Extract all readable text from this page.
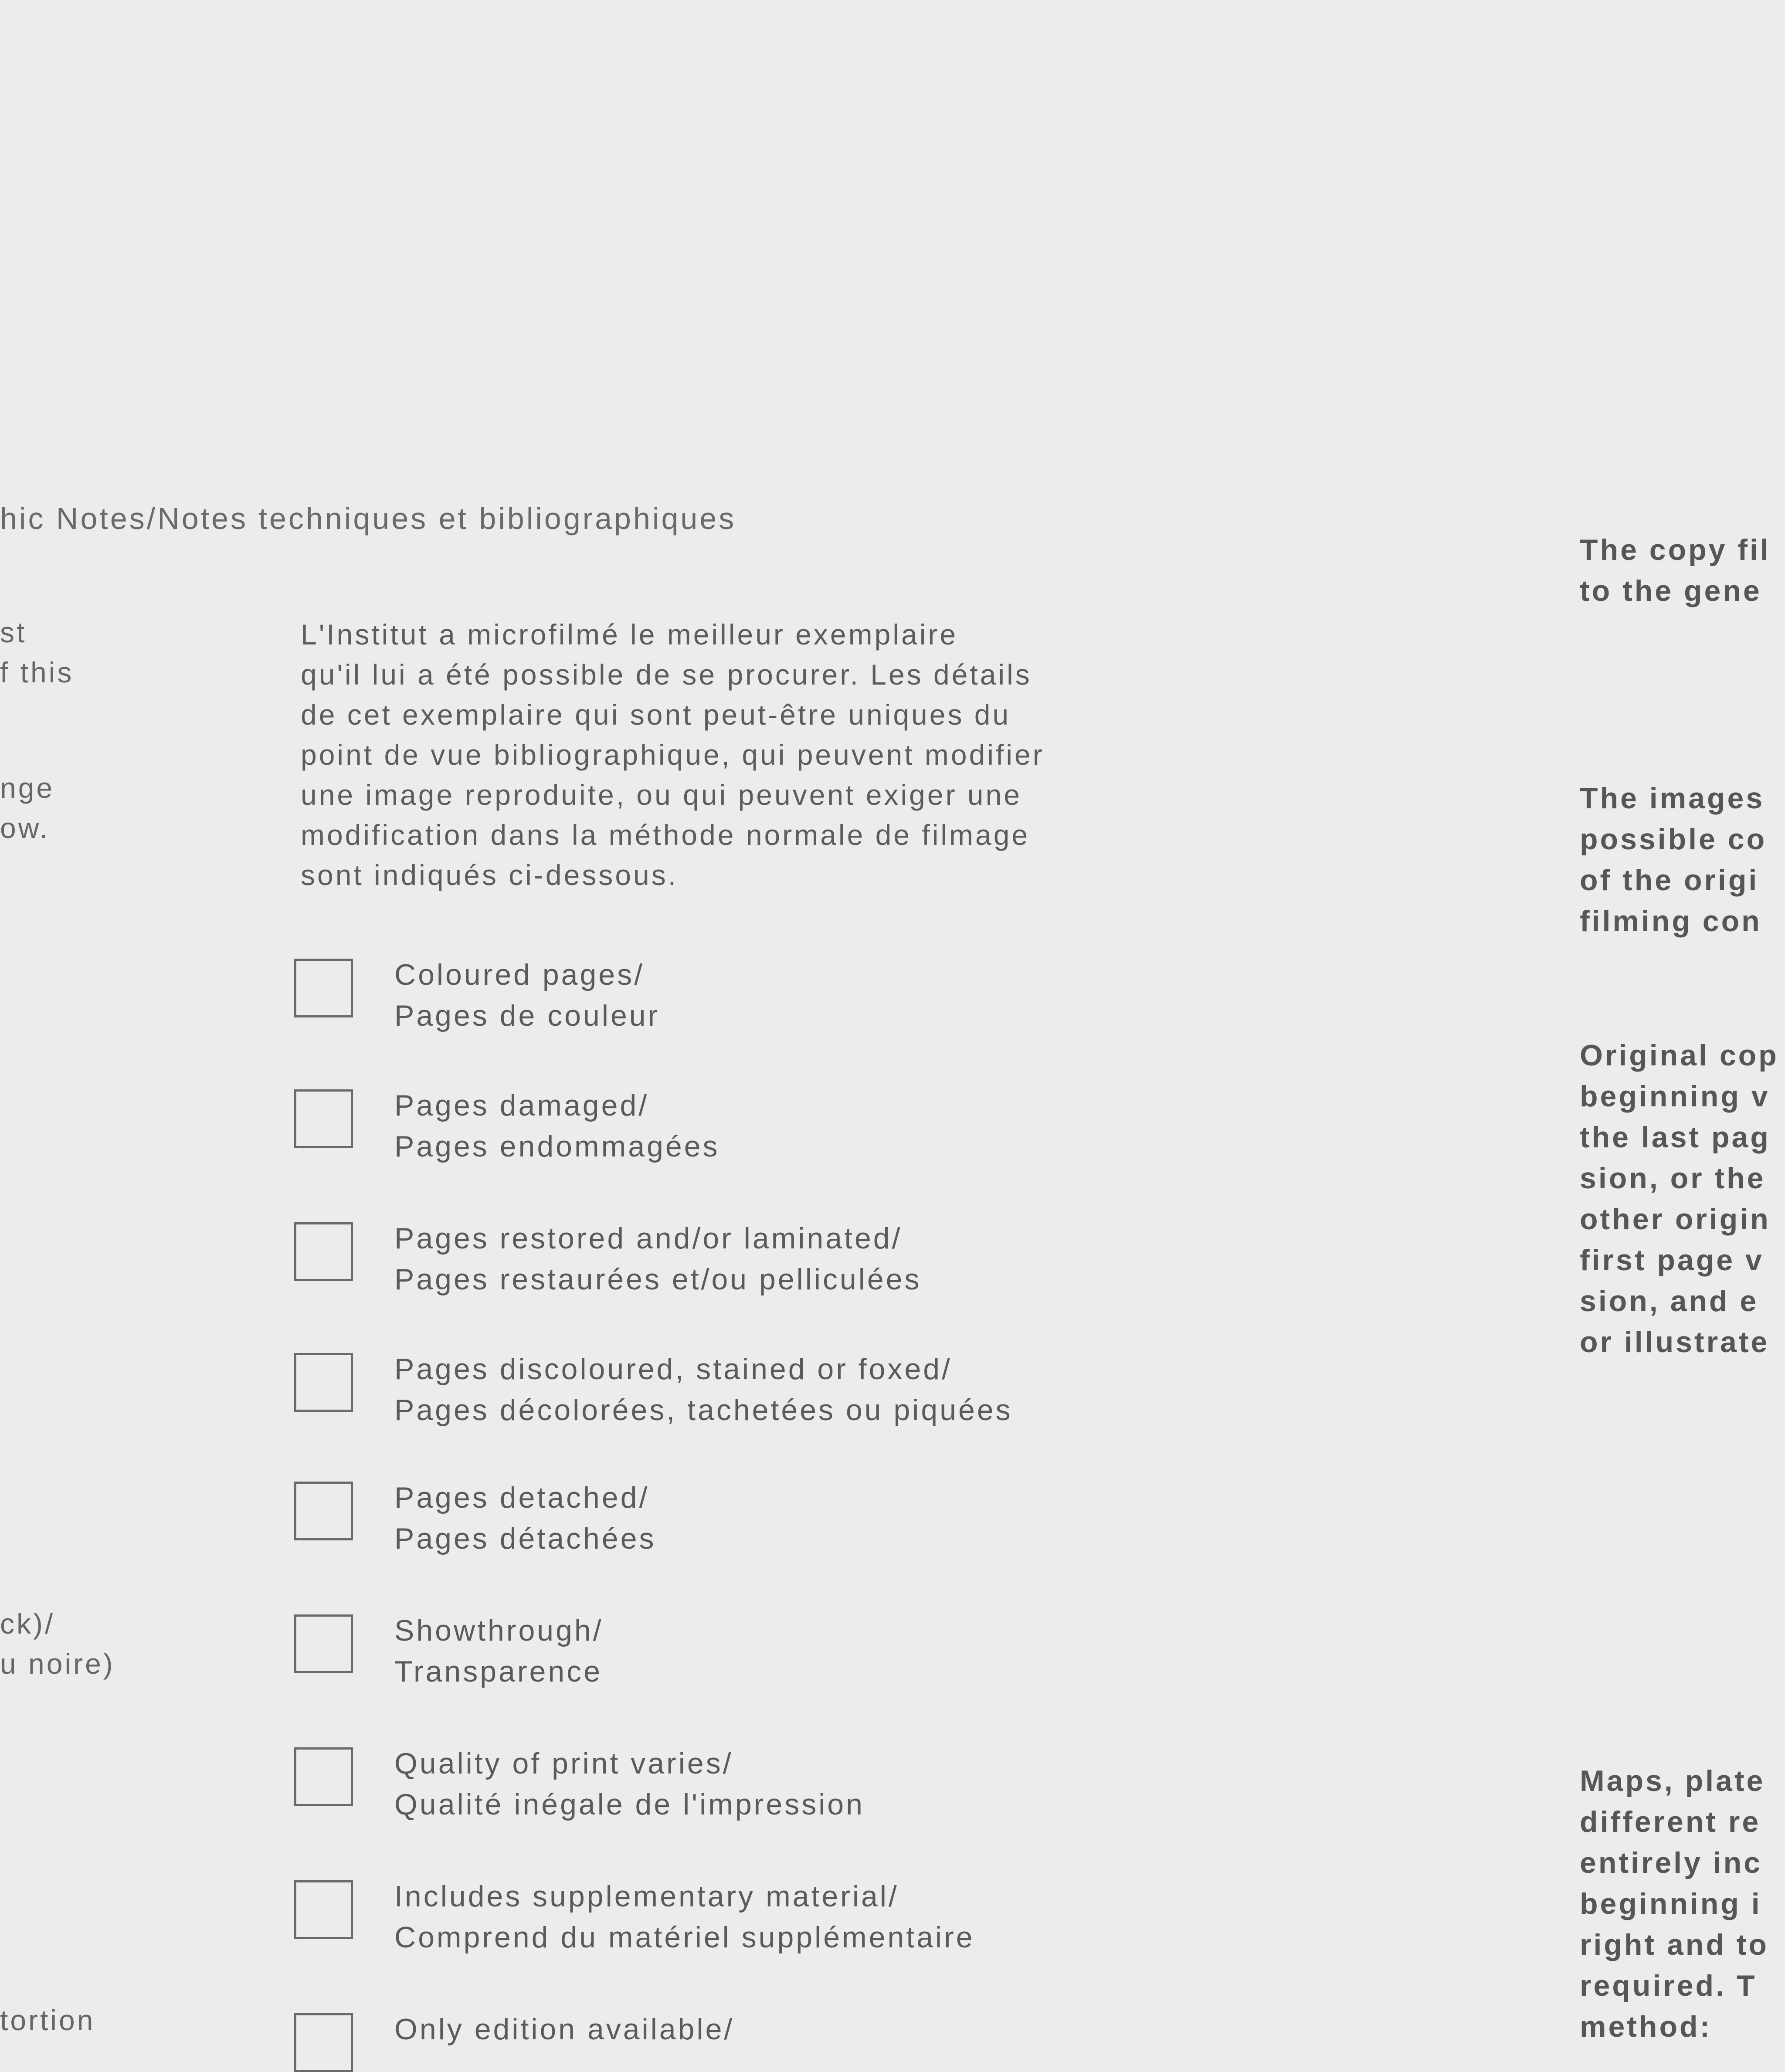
hic Notes/Notes techniques et bibliographiques
st
f this
nge
ow.
ck)/
u noire)
tortion
L'Institut a microfilmé le meilleur exemplaire
qu'il lui a été possible de se procurer. Les détails
de cet exemplaire qui sont peut-être uniques du
point de vue bibliographique, qui peuvent modifier
une image reproduite, ou qui peuvent exiger une
modification dans la méthode normale de filmage
sont indiqués ci-dessous.
Coloured pages/
Pages de couleur
Pages damaged/
Pages endommagées
Pages restored and/or laminated/
Pages restaurées et/ou pelliculées
Pages discoloured, stained or foxed/
Pages décolorées, tachetées ou piquées
Pages detached/
Pages détachées
Showthrough/
Transparence
Quality of print varies/
Qualité inégale de l'impression
Includes supplementary material/
Comprend du matériel supplémentaire
Only edition available/
The copy fil
to the gene
The images
possible co
of the origi
filming con
Original cop
beginning v
the last pag
sion, or the
other origin
first page v
sion, and e
or illustrate
Maps, plate
different re
entirely inc
beginning i
right and to
required. T
method:
